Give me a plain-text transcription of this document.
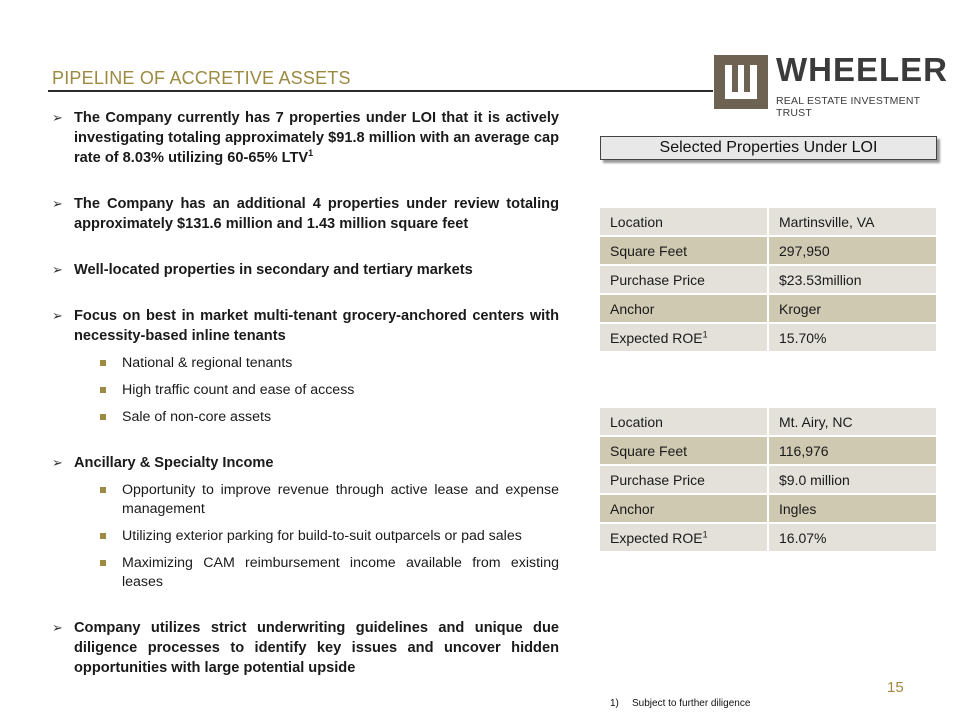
PIPELINE OF ACCRETIVE ASSETS	WHEELER
REAL ESTATE INVESTMENT TRUST
➢ The Company currently has 7 properties under LOI that it is actively investigating totaling approximately $91.8 million with an average cap rate of 8.03% utilizing 60-65% LTV$^1$
➢ The Company has an additional 4 properties under review totaling approximately $131.6 million and 1.43 million square feet
➢ Well-located properties in secondary and tertiary markets
➢ Focus on best in market multi-tenant grocery-anchored centers with necessity-based inline tenants
National & regional tenants
High traffic count and ease of access
Sale of non-core assets
➢ Ancillary & Specialty Income
Opportunity to improve revenue through active lease and expense management
Utilizing exterior parking for build-to-suit outparcels or pad sales
Maximizing CAM reimbursement income available from existing leases
➢ Company utilizes strict underwriting guidelines and unique due diligence processes to identify key issues and uncover hidden opportunities with large potential upside
Selected Properties Under LOI
Location	Martinsville, VA
Square Feet	297,950
Purchase Price	$23.53million
Anchor	Kroger
Expected ROE$^1$	15.70%
Location	Mt. Airy, NC
Square Feet	116,976
Purchase Price	$9.0 million
Anchor	Ingles
Expected ROE$^1$	16.07%
15
1) Subject to further diligence
